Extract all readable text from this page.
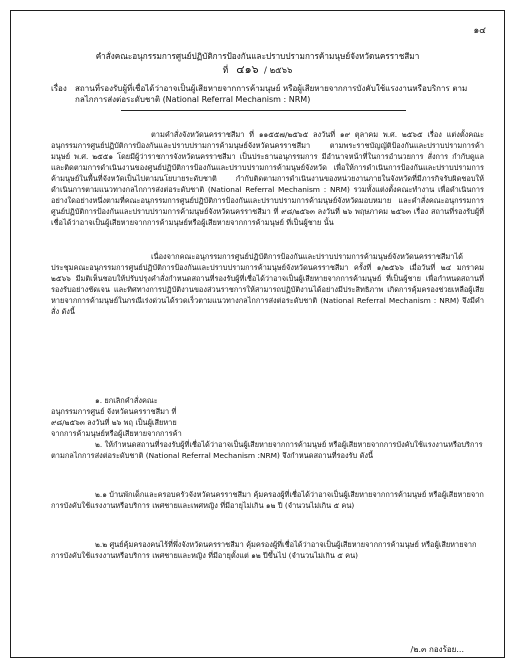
๑๔
คำสั่งคณะอนุกรรมการศูนย์ปฏิบัติการป้องกันและปราบปรามการค้ามนุษย์จังหวัดนครราชสีมา
ที่ ๔๑๖ / ๒๕๖๖
เรื่อง สถานที่รองรับผู้ที่เชื่อได้ว่าอาจเป็นผู้เสียหายจากการค้ามนุษย์ หรือผู้เสียหายจากการบังคับใช้แรงงานหรือบริการ ตามกลไกการส่งต่อระดับชาติ (National Referral Mechanism : NRM)

ตามคำสั่งจังหวัดนครราชสีมา ที่ ๑๑๕๕๗/๒๕๖๕ ลงวันที่ ๑๙ ตุลาคม พ.ศ. ๒๕๖๕ เรื่อง แต่งตั้งคณะอนุกรรมการศูนย์ปฏิบัติการป้องกันและปราบปรามการค้ามนุษย์จังหวัดนครราชสีมา ตามพระราชบัญญัติป้องกันและปราบปรามการค้ามนุษย์ พ.ศ. ๒๕๕๑ โดยมีผู้ว่าราชการจังหวัดนครราชสีมา เป็นประธานอนุกรรมการ มีอำนาจหน้าที่ในการอำนวยการ สั่งการ กำกับดูแล และติดตามการดำเนินงานของศูนย์ปฏิบัติการป้องกันและปราบปรามการค้ามนุษย์จังหวัด เพื่อให้การดำเนินการป้องกันและปราบปรามการค้ามนุษย์ในพื้นที่จังหวัดเป็นไปตามนโยบายระดับชาติ กำกับติดตามการดำเนินงานของหน่วยงานภายในจังหวัดที่มีภารกิจรับผิดชอบให้ดำเนินการตามแนวทางกลไกการส่งต่อระดับชาติ (National Referral Mechanism : NRM) รวมทั้งแต่งตั้งคณะทำงาน เพื่อดำเนินการอย่างใดอย่างหนึ่งตามที่คณะอนุกรรมการศูนย์ปฏิบัติการป้องกันและปราบปรามการค้ามนุษย์จังหวัดมอบหมาย และคำสั่งคณะอนุกรรมการศูนย์ปฏิบัติการป้องกันและปราบปรามการค้ามนุษย์จังหวัดนครราชสีมา ที่ ๙๘/๒๕๖๓ ลงวันที่ ๒๖ พฤษภาคม ๒๕๖๓ เรื่อง สถานที่รองรับผู้ที่เชื่อได้ว่าอาจเป็นผู้เสียหายจากการค้ามนุษย์หรือผู้เสียหายจากการค้ามนุษย์ ที่เป็นผู้ชาย นั้น

เนื่องจากคณะอนุกรรมการศูนย์ปฏิบัติการป้องกันและปราบปรามการค้ามนุษย์จังหวัดนครราชสีมาได้ประชุมคณะอนุกรรมการศูนย์ปฏิบัติการป้องกันและปราบปรามการค้ามนุษย์จังหวัดนครราชสีมา ครั้งที่ ๑/๒๕๖๖ เมื่อวันที่ ๒๔ มกราคม ๒๕๖๖ มีมติเห็นชอบให้ปรับปรุงคำสั่งกำหนดสถานที่รองรับผู้ที่เชื่อได้ว่าอาจเป็นผู้เสียหายจากการค้ามนุษย์ ที่เป็นผู้ชาย เพื่อกำหนดสถานที่รองรับอย่างชัดเจน และทิศทางการปฏิบัติงานของส่วนราชการให้สามารถปฏิบัติงานได้อย่างมีประสิทธิภาพ เกิดการคุ้มครองช่วยเหลือผู้เสียหายจากการค้ามนุษย์ในกรณีเร่งด่วนได้รวดเร็วตามแนวทางกลไกการส่งต่อระดับชาติ (National Referral Mechanism : NRM) จึงมีคำสั่ง ดังนี้

๑. ยกเลิกคำสั่งคณะอนุกรรมการศูนย์ จังหวัดนครราชสีมา ที่ ๙๘/๒๕๖๓ ลงวันที่ ๒๖ พฤ เป็นผู้เสียหายจากการค้ามนุษย์หรือผู้เสียหายจากการค้า

๒. ให้กำหนดสถานที่รองรับผู้ที่เชื่อได้ว่าอาจเป็นผู้เสียหายจากการค้ามนุษย์ หรือผู้เสียหายจากการบังคับใช้แรงงานหรือบริการ ตามกลไกการส่งต่อระดับชาติ (National Referral Mechanism :NRM) จึงกำหนดสถานที่รองรับ ดังนี้

๒.๑ บ้านพักเด็กและครอบครัวจังหวัดนครราชสีมา คุ้มครองผู้ที่เชื่อได้ว่าอาจเป็นผู้เสียหายจากการค้ามนุษย์ หรือผู้เสียหายจากการบังคับใช้แรงงานหรือบริการ เพศชายและเพศหญิง ที่มีอายุไม่เกิน ๑๒ ปี (จำนวนไม่เกิน ๕ คน)

๒.๒ ศูนย์คุ้มครองคนไร้ที่พึ่งจังหวัดนครราชสีมา คุ้มครองผู้ที่เชื่อได้ว่าอาจเป็นผู้เสียหายจากการค้ามนุษย์ หรือผู้เสียหายจากการบังคับใช้แรงงานหรือบริการ เพศชายและหญิง ที่มีอายุตั้งแต่ ๑๒ ปีขึ้นไป (จำนวนไม่เกิน ๕ คน)

/๒.๓ กองร้อย...
